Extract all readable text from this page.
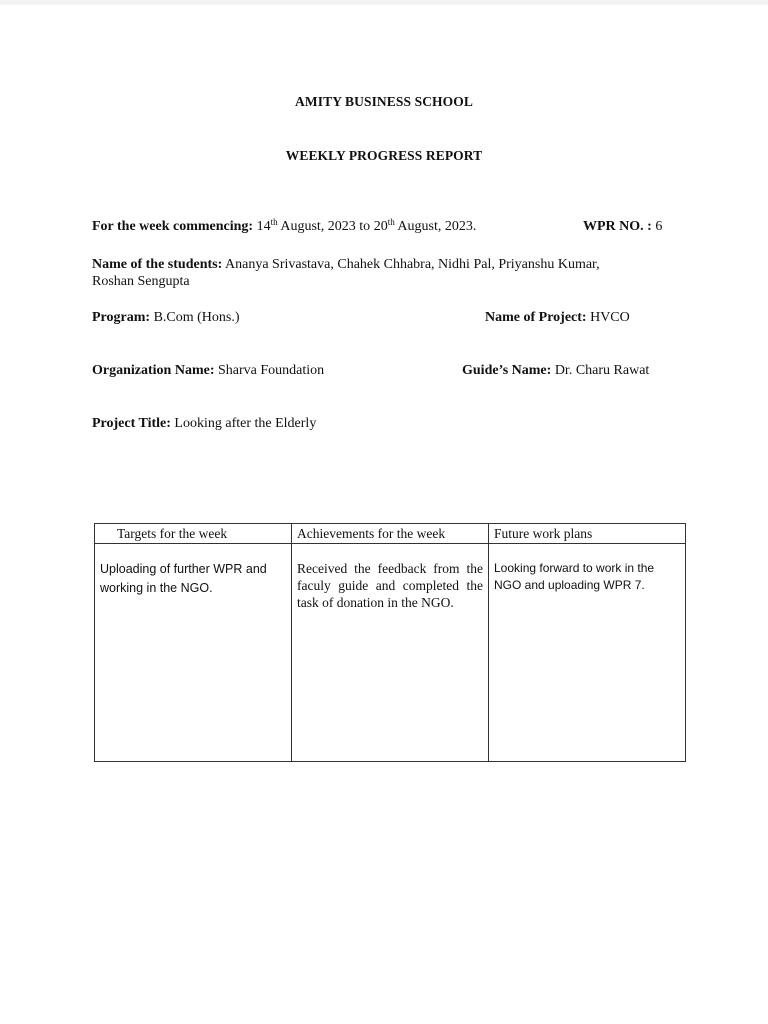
AMITY BUSINESS SCHOOL
WEEKLY PROGRESS REPORT
For the week commencing: 14th August, 2023 to 20th August, 2023.	WPR NO. : 6
Name of the students: Ananya Srivastava, Chahek Chhabra, Nidhi Pal, Priyanshu Kumar,
Roshan Sengupta
Program: B.Com (Hons.)	Name of Project: HVCO
Organization Name: Sharva Foundation	Guide’s Name: Dr. Charu Rawat
Project Title: Looking after the Elderly
Targets for the week	Achievements for the week	Future work plans

Uploading of further WPR and working in the NGO.	Received the feedback from the faculy guide and completed the task of donation in the NGO.	Looking forward to work in the NGO and uploading WPR 7.
